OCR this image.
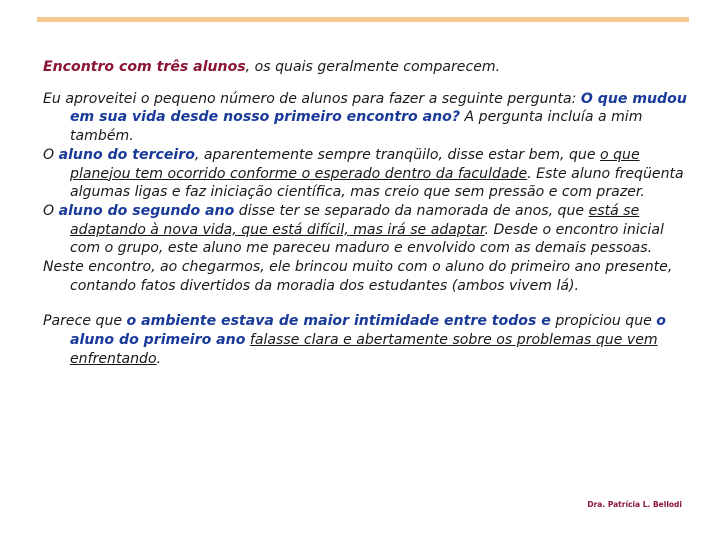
Encontro com três alunos, os quais geralmente comparecem.

Eu aproveitei o pequeno número de alunos para fazer a seguinte pergunta: O que mudou em sua vida desde nosso primeiro encontro ano? A pergunta incluía a mim também.

O aluno do terceiro, aparentemente sempre tranqüilo, disse estar bem, que o que planejou tem ocorrido conforme o esperado dentro da faculdade. Este aluno freqüenta algumas ligas e faz iniciação científica, mas creio que sem pressão e com prazer.

O aluno do segundo ano disse ter se separado da namorada de anos, que está se adaptando à nova vida, que está difícil, mas irá se adaptar. Desde o encontro inicial com o grupo, este aluno me pareceu maduro e envolvido com as demais pessoas.

Neste encontro, ao chegarmos, ele brincou muito com o aluno do primeiro ano presente, contando fatos divertidos da moradia dos estudantes (ambos vivem lá).

Parece que o ambiente estava de maior intimidade entre todos e propiciou que o aluno do primeiro ano falasse clara e abertamente sobre os problemas que vem enfrentando.

Dra. Patrícia L. Bellodi
